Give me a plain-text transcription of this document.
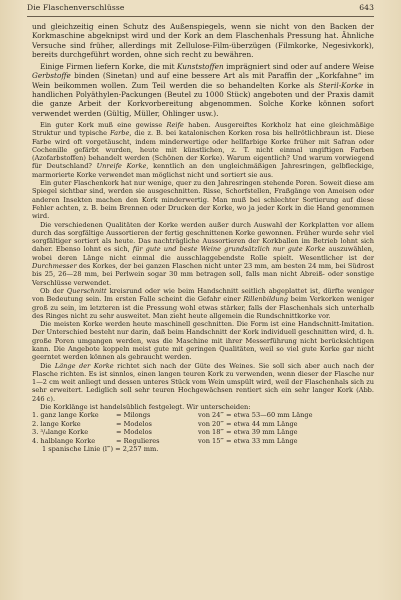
Die Flaschenverschlüsse	643

und gleichzeitig einen Schutz des Außenspiegels, wenn sie nicht von den Backen der Korkmaschine abgeknipst wird und der Kork an dem Flaschenhals Pressung hat. Ähnliche Versuche sind früher, allerdings mit Zellulose-Film-überzügen (Filmkorke, Negesivkork), bereits durchgeführt worden, ohne sich recht zu bewähren.

Einige Firmen liefern Korke, die mit Kunststoffen imprägniert sind oder auf andere Weise Gerbstoffe binden (Sinetan) und auf eine bessere Art als mit Paraffin der „Korkfahne“ im Wein beikommen wollen. Zum Teil werden die so behandelten Korke als Steril-Korke in handlichen Polyäthylen-Packungen (Beutel zu 1000 Stück) angeboten und der Praxis damit die ganze Arbeit der Korkvorbereitung abgenommen. Solche Korke können sofort verwendet werden (Gültig, Müller, Ohlinger usw.).

Ein guter Kork muß eine gewisse Reife haben. Ausgereiftes Korkholz hat eine gleichmäßige Struktur und typische Farbe, die z. B. bei katalonischen Korken rosa bis hellrötlichbraun ist. Diese Farbe wird oft vorgetäuscht, indem minderwertige oder hellfarbige Korke früher mit Safran oder Cochenille gefärbt wurden, heute mit künstlichen, z. T. nicht einmal ungiftigen Farben (Azofarbstoffen) behandelt werden (Schönen der Korke). Warum eigentlich? Und warum vorwiegend für Deutschland? Unreife Korke, kenntlich an den ungleichmäßigen Jahresringen, gelbfleckige, marmorierte Korke verwendet man möglichst nicht und sortiert sie aus.

Ein guter Flaschenkork hat nur wenige, quer zu den Jahresringen stehende Poren. Soweit diese am Spiegel sichtbar sind, werden sie ausgeschnitten. Risse, Schorfstellen, Fraßgänge von Ameisen oder anderen Insekten machen den Kork minderwertig. Man muß bei schlechter Sortierung auf diese Fehler achten, z. B. beim Brennen oder Drucken der Korke, wo ja jeder Kork in die Hand genommen wird.

Die verschiedenen Qualitäten der Korke werden außer durch Auswahl der Korkplatten vor allem durch das sorgfältige Aussortieren der fertig geschnittenen Korke gewonnen. Früher wurde sehr viel sorgfältiger sortiert als heute. Das nachträgliche Aussortieren der Korkballen im Betrieb lohnt sich daher. Ebenso lohnt es sich, für gute und beste Weine grundsätzlich nur gute Korke auszuwählen, wobei deren Länge nicht einmal die ausschlaggebendste Rolle spielt. Wesentlicher ist der Durchmesser des Korkes, der bei ganzen Flaschen nicht unter 23 mm, am besten 24 mm, bei Südrost bis 25, 26—28 mm, bei Perlwein sogar 30 mm betragen soll, falls man nicht Abreiß- oder sonstige Verschlüsse verwendet.

Ob der Querschnitt kreisrund oder wie beim Handschnitt seitlich abgeplattet ist, dürfte weniger von Bedeutung sein. Im ersten Falle scheint die Gefahr einer Rillenbildung beim Verkorken weniger groß zu sein, im letzteren ist die Pressung wohl etwas stärker, falls der Flaschenhals sich unterhalb des Ringes nicht zu sehr ausweitet. Man zieht heute allgemein die Rundschnittkorke vor.

Die meisten Korke werden heute maschinell geschnitten. Die Form ist eine Handschnitt-Imitation. Der Unterschied besteht nur darin, daß beim Handschnitt der Kork individuell geschnitten wird, d. h. große Poren umgangen werden, was die Maschine mit ihrer Messerführung nicht berücksichtigen kann. Die Angebote koppeln meist gute mit geringen Qualitäten, weil so viel gute Korke gar nicht geerntet werden können als gebraucht werden.

Die Länge der Korke richtet sich nach der Güte des Weines. Sie soll sich aber auch nach der Flasche richten. Es ist sinnlos, einen langen teuren Kork zu verwenden, wenn dieser der Flasche nur 1—2 cm weit anliegt und dessen unteres Stück vom Wein umspült wird, weil der Flaschenhals sich zu sehr erweitert. Lediglich soll sehr teuren Hochgewächsen rentiert sich ein sehr langer Kork (Abb. 246 c).

Die Korklänge ist handelsüblich festgelegt. Wir unterscheiden:

1. ganz lange Korke	= Milongs	von 24‴ = etwa 53—60 mm Länge
2. lange Korke	= Modelos	von 20‴ = etwa 44 mm Länge
3. ³/₄lange Korke	= Modelos	von 18‴ = etwa 39 mm Länge
4. halblange Korke	= Regulieres	von 15‴ = etwa 33 mm Länge
1 spanische Linie (l‴) = 2,257 mm.
